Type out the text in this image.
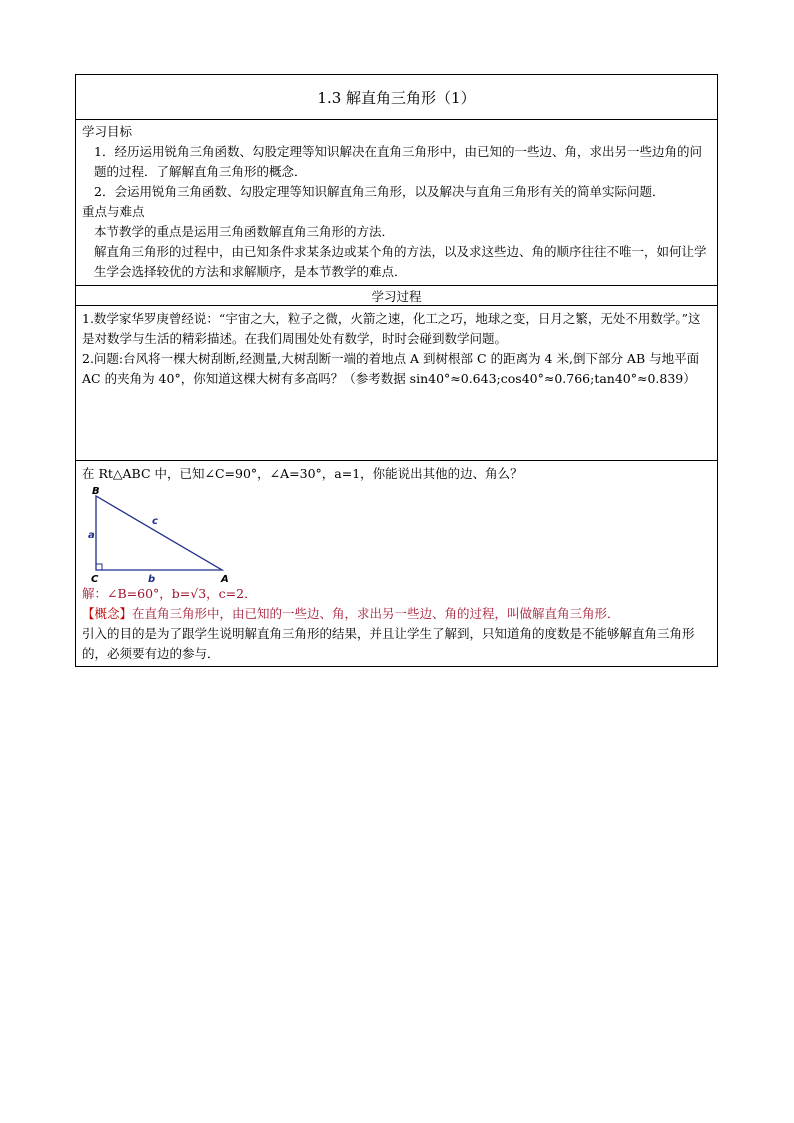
1.3 解直角三角形（1）
学习目标
1．经历运用锐角三角函数、勾股定理等知识解决在直角三角形中，由已知的一些边、角，求出另一些边角的问题的过程．了解解直角三角形的概念．
2．会运用锐角三角函数、勾股定理等知识解直角三角形，以及解决与直角三角形有关的简单实际问题．
重点与难点
本节教学的重点是运用三角函数解直角三角形的方法．
解直角三角形的过程中，由已知条件求某条边或某个角的方法，以及求这些边、角的顺序往往不唯一，如何让学生学会选择较优的方法和求解顺序，是本节教学的难点．
学习过程
1.数学家华罗庚曾经说：“宇宙之大，粒子之微，火箭之速，化工之巧，地球之变，日月之繁，无处不用数学。”这是对数学与生活的精彩描述。在我们周围处处有数学，时时会碰到数学问题。
2.问题:台风将一棵大树刮断,经测量,大树刮断一端的着地点 A 到树根部 C 的距离为 4 米,倒下部分 AB 与地平面 AC 的夹角为 40°，你知道这棵大树有多高吗？（参考数据 sin40°≈0.643;cos40°≈0.766;tan40°≈0.839）
在 Rt△ABC 中，已知∠C=90°，∠A=30°，a=1，你能说出其他的边、角么？
B
C	A
a
b
c
解：∠B=60°，b=√3，c=2．
【概念】在直角三角形中，由已知的一些边、角，求出另一些边、角的过程，叫做解直角三角形．
引入的目的是为了跟学生说明解直角三角形的结果，并且让学生了解到，只知道角的度数是不能够解直角三角形的，必须要有边的参与．
